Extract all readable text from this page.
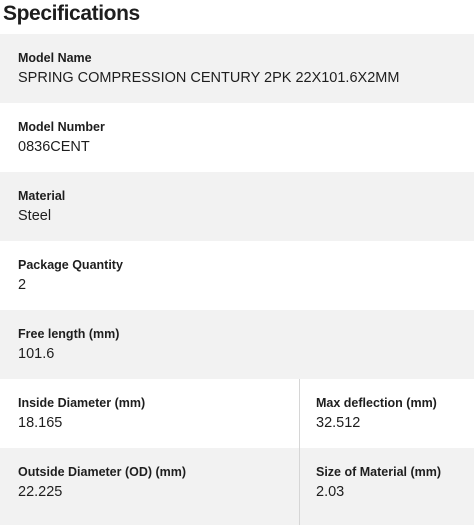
Specifications
Model Name
SPRING COMPRESSION CENTURY 2PK 22X101.6X2MM
Model Number
0836CENT
Material
Steel
Package Quantity
2
Free length (mm)
101.6
Inside Diameter (mm)
18.165
Max deflection (mm)
32.512
Outside Diameter (OD) (mm)
22.225
Size of Material (mm)
2.03
